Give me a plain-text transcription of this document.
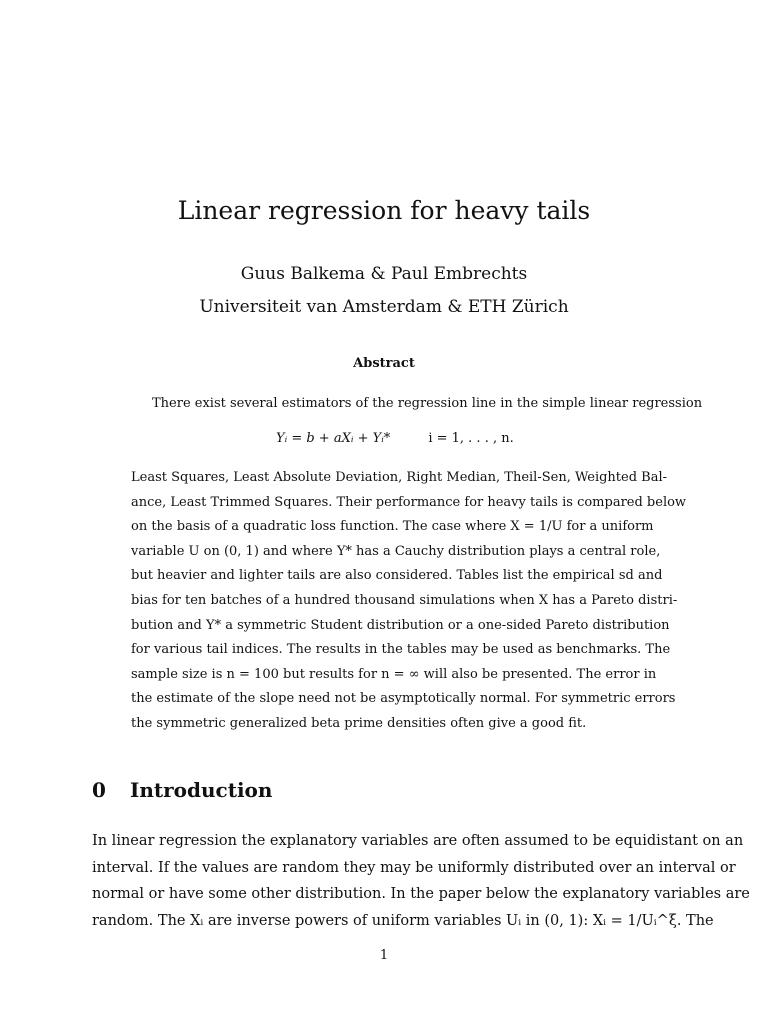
Linear regression for heavy tails
Guus Balkema & Paul Embrechts
Universiteit van Amsterdam & ETH Zürich
Abstract
There exist several estimators of the regression line in the simple linear regression
Yᵢ = b + aXᵢ + Yᵢ*	i = 1, . . . , n.
Least Squares, Least Absolute Deviation, Right Median, Theil-Sen, Weighted Bal-
ance, Least Trimmed Squares. Their performance for heavy tails is compared below
on the basis of a quadratic loss function. The case where X = 1/U for a uniform
variable U on (0, 1) and where Y* has a Cauchy distribution plays a central role,
but heavier and lighter tails are also considered. Tables list the empirical sd and
bias for ten batches of a hundred thousand simulations when X has a Pareto distri-
bution and Y* a symmetric Student distribution or a one-sided Pareto distribution
for various tail indices. The results in the tables may be used as benchmarks. The
sample size is n = 100 but results for n = ∞ will also be presented. The error in
the estimate of the slope need not be asymptotically normal. For symmetric errors
the symmetric generalized beta prime densities often give a good fit.
0 Introduction
In linear regression the explanatory variables are often assumed to be equidistant on an
interval. If the values are random they may be uniformly distributed over an interval or
normal or have some other distribution. In the paper below the explanatory variables are
random. The Xᵢ are inverse powers of uniform variables Uᵢ in (0, 1): Xᵢ = 1/Uᵢ^ξ. The
1
